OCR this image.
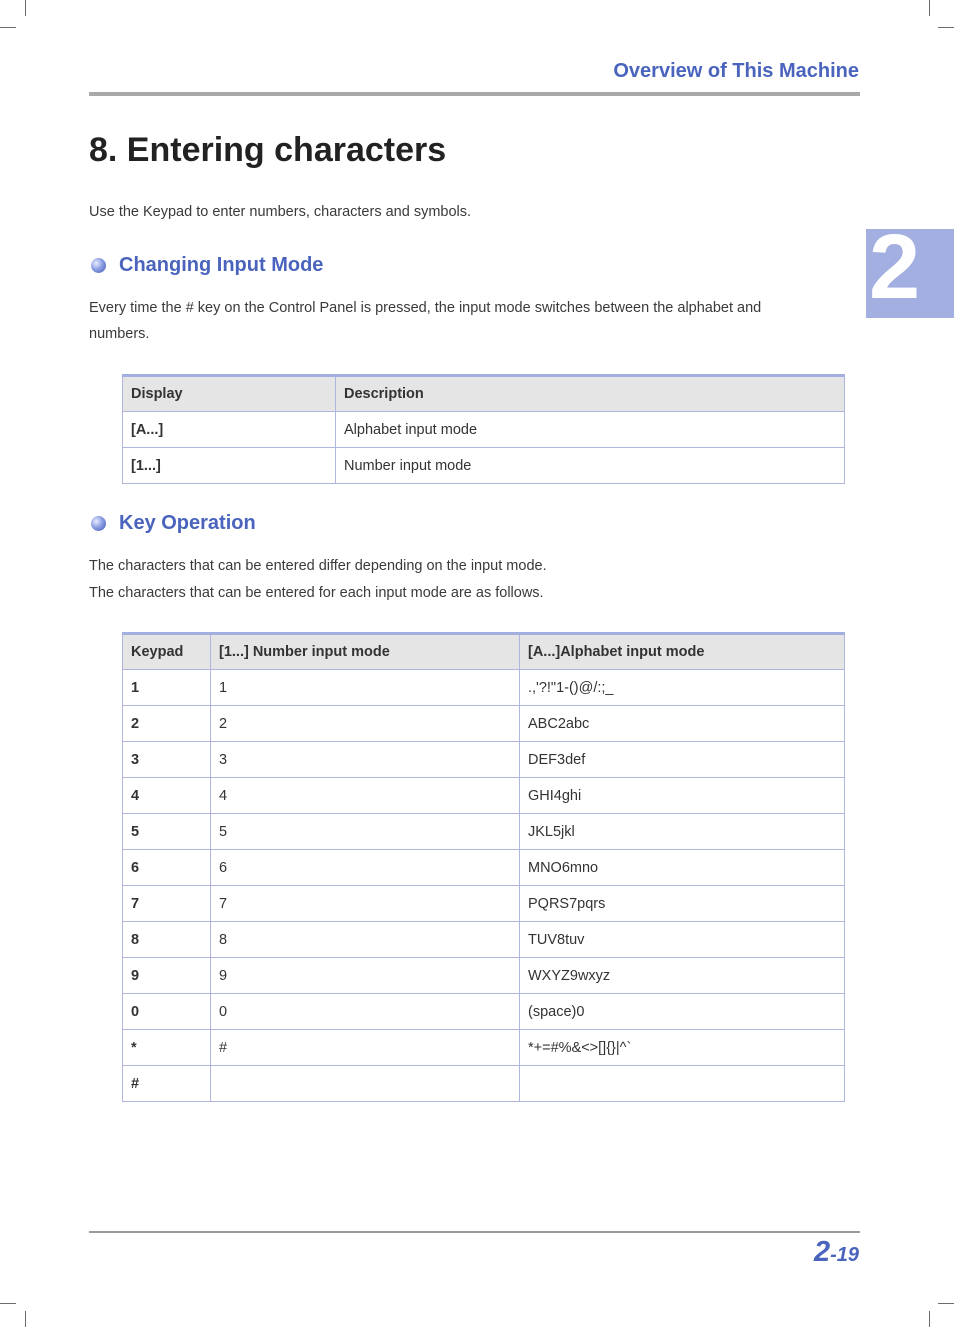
Overview of This Machine
2
8. Entering characters

Use the Keypad to enter numbers, characters and symbols.

Changing Input Mode
Every time the # key on the Control Panel is pressed, the input mode switches between the alphabet and
numbers.
Display	Description
[A...]	Alphabet input mode
[1...]	Number input mode
Key Operation
The characters that can be entered differ depending on the input mode.
The characters that can be entered for each input mode are as follows.
Keypad	[1...] Number input mode	[A...]Alphabet input mode
1	1	.,'?!"1-()@/:;_
2	2	ABC2abc
3	3	DEF3def
4	4	GHI4ghi
5	5	JKL5jkl
6	6	MNO6mno
7	7	PQRS7pqrs
8	8	TUV8tuv
9	9	WXYZ9wxyz
0	0	(space)0
*	#	*+=#%&<>[]{}|^`
#		
2-19
